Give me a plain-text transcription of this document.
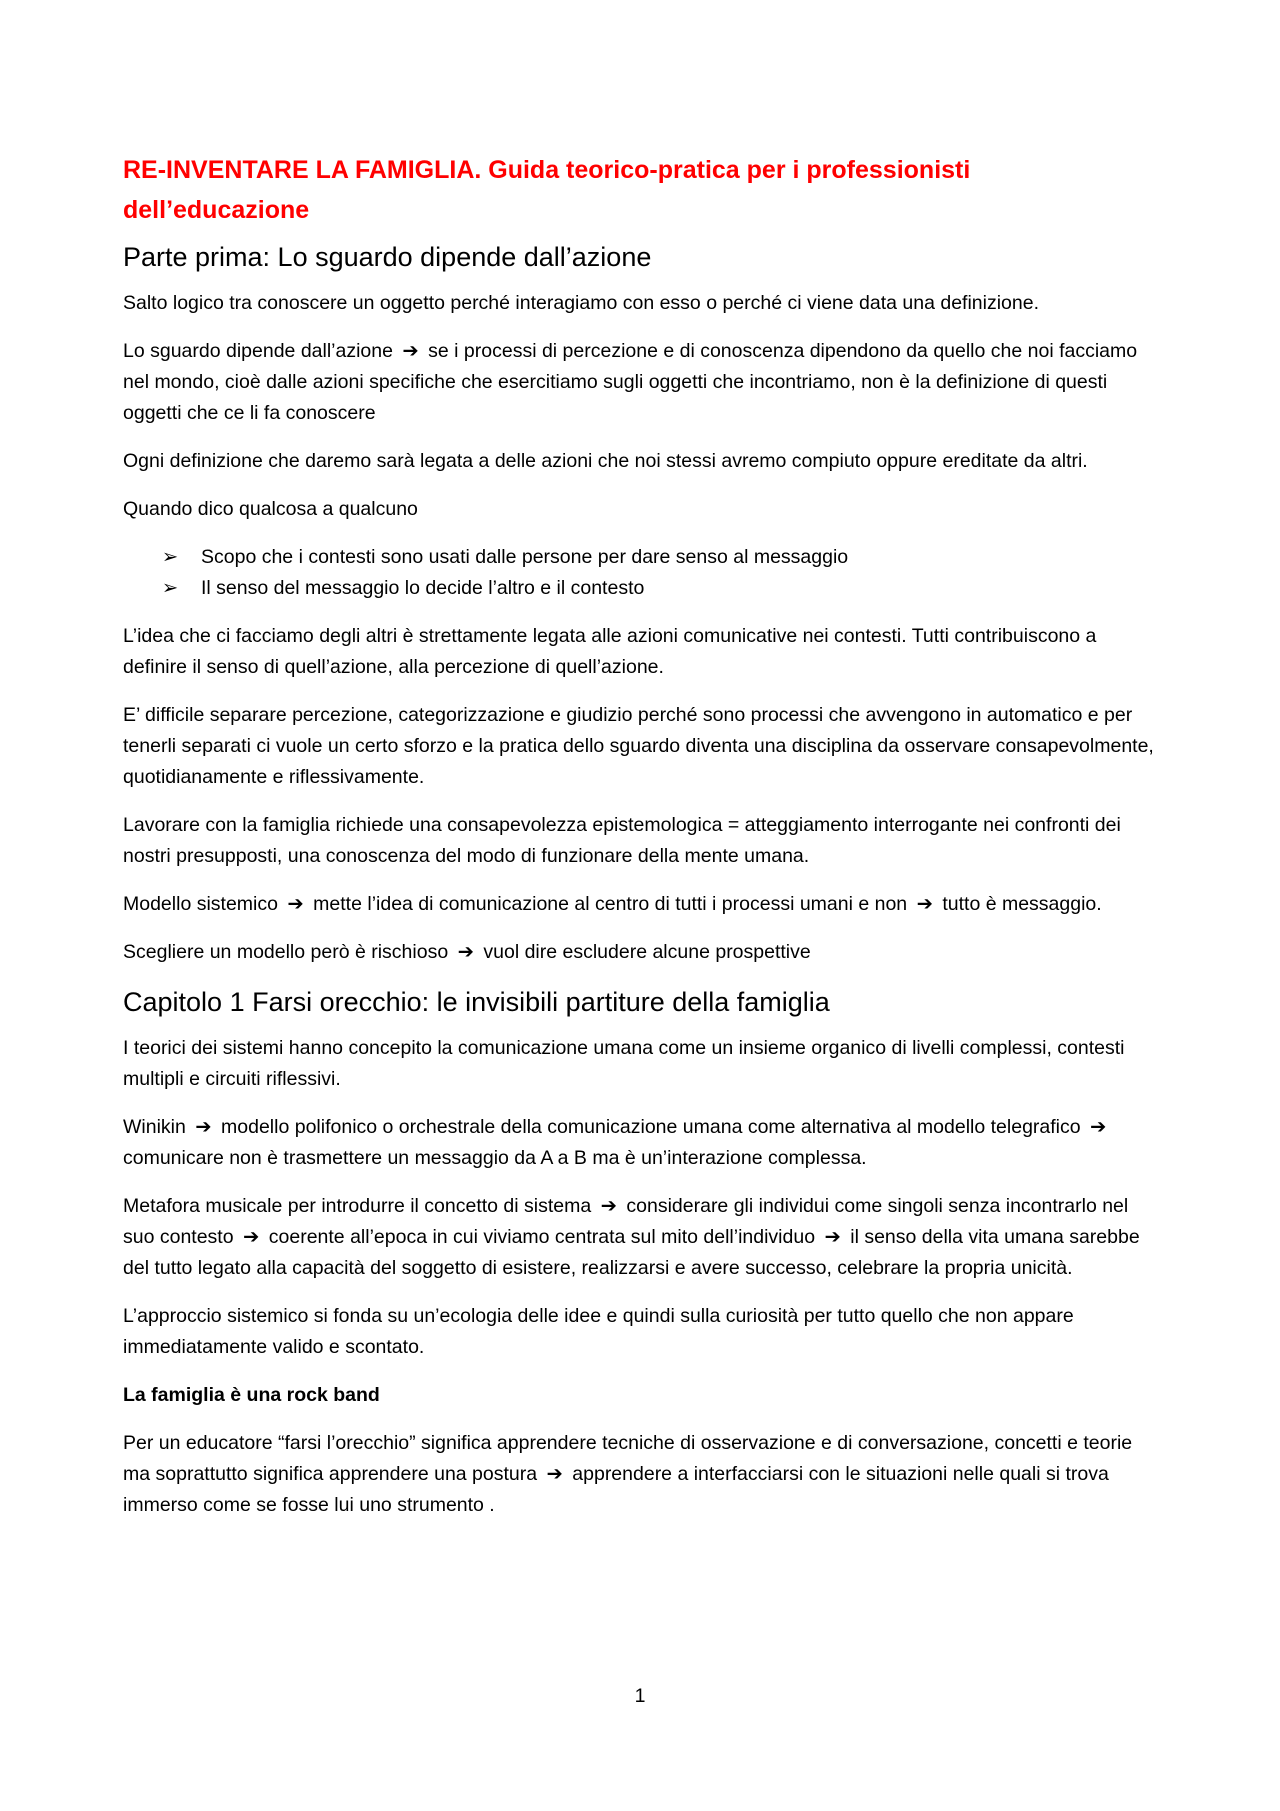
RE-INVENTARE LA FAMIGLIA. Guida teorico-pratica per i professionisti dell’educazione
Parte prima: Lo sguardo dipende dall’azione

Salto logico tra conoscere un oggetto perché interagiamo con esso o perché ci viene data una definizione.

Lo sguardo dipende dall’azione ➔ se i processi di percezione e di conoscenza dipendono da quello che noi facciamo nel mondo, cioè dalle azioni specifiche che esercitiamo sugli oggetti che incontriamo, non è la definizione di questi oggetti che ce li fa conoscere

Ogni definizione che daremo sarà legata a delle azioni che noi stessi avremo compiuto oppure ereditate da altri.

Quando dico qualcosa a qualcuno

➢ Scopo che i contesti sono usati dalle persone per dare senso al messaggio
➢ Il senso del messaggio lo decide l’altro e il contesto

L’idea che ci facciamo degli altri è strettamente legata alle azioni comunicative nei contesti. Tutti contribuiscono a definire il senso di quell’azione, alla percezione di quell’azione.

E’ difficile separare percezione, categorizzazione e giudizio perché sono processi che avvengono in automatico e per tenerli separati ci vuole un certo sforzo e la pratica dello sguardo diventa una disciplina da osservare consapevolmente, quotidianamente e riflessivamente.

Lavorare con la famiglia richiede una consapevolezza epistemologica = atteggiamento interrogante nei confronti dei nostri presupposti, una conoscenza del modo di funzionare della mente umana.

Modello sistemico ➔ mette l’idea di comunicazione al centro di tutti i processi umani e non ➔ tutto è messaggio.

Scegliere un modello però è rischioso ➔ vuol dire escludere alcune prospettive

Capitolo 1 Farsi orecchio: le invisibili partiture della famiglia

I teorici dei sistemi hanno concepito la comunicazione umana come un insieme organico di livelli complessi, contesti multipli e circuiti riflessivi.

Winikin ➔ modello polifonico o orchestrale della comunicazione umana come alternativa al modello telegrafico ➔ comunicare non è trasmettere un messaggio da A a B ma è un’interazione complessa.

Metafora musicale per introdurre il concetto di sistema ➔ considerare gli individui come singoli senza incontrarlo nel suo contesto ➔ coerente all’epoca in cui viviamo centrata sul mito dell’individuo ➔ il senso della vita umana sarebbe del tutto legato alla capacità del soggetto di esistere, realizzarsi e avere successo, celebrare la propria unicità.

L’approccio sistemico si fonda su un’ecologia delle idee e quindi sulla curiosità per tutto quello che non appare immediatamente valido e scontato.

La famiglia è una rock band

Per un educatore “farsi l’orecchio” significa apprendere tecniche di osservazione e di conversazione, concetti e teorie ma soprattutto significa apprendere una postura ➔ apprendere a interfacciarsi con le situazioni nelle quali si trova immerso come se fosse lui uno strumento .

1
